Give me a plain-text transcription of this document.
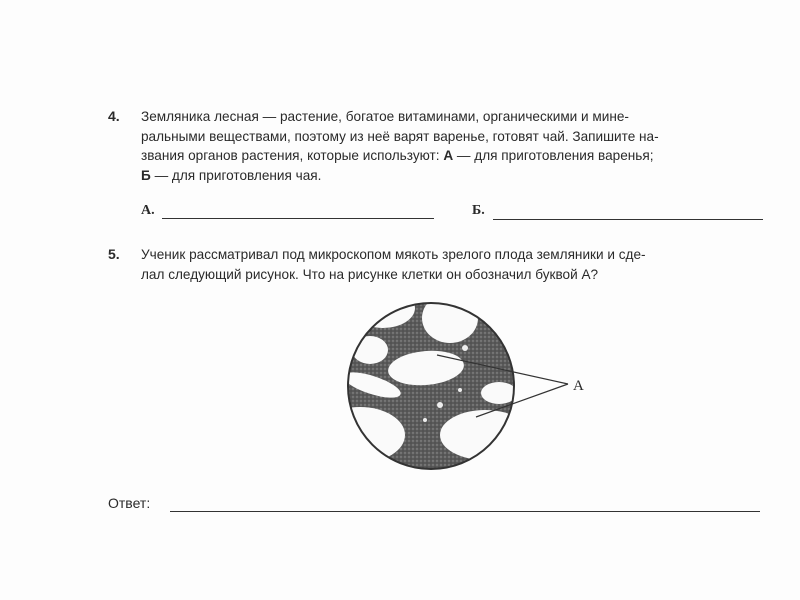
4. Земляника лесная — растение, богатое витаминами, органическими и мине-
ральными веществами, поэтому из неё варят варенье, готовят чай. Запишите на-
звания органов растения, которые используют: А — для приготовления варенья;
Б — для приготовления чая.
А.	Б.
5. Ученик рассматривал под микроскопом мякоть зрелого плода земляники и сде-
лал следующий рисунок. Что на рисунке клетки он обозначил буквой А?
A
Ответ:
